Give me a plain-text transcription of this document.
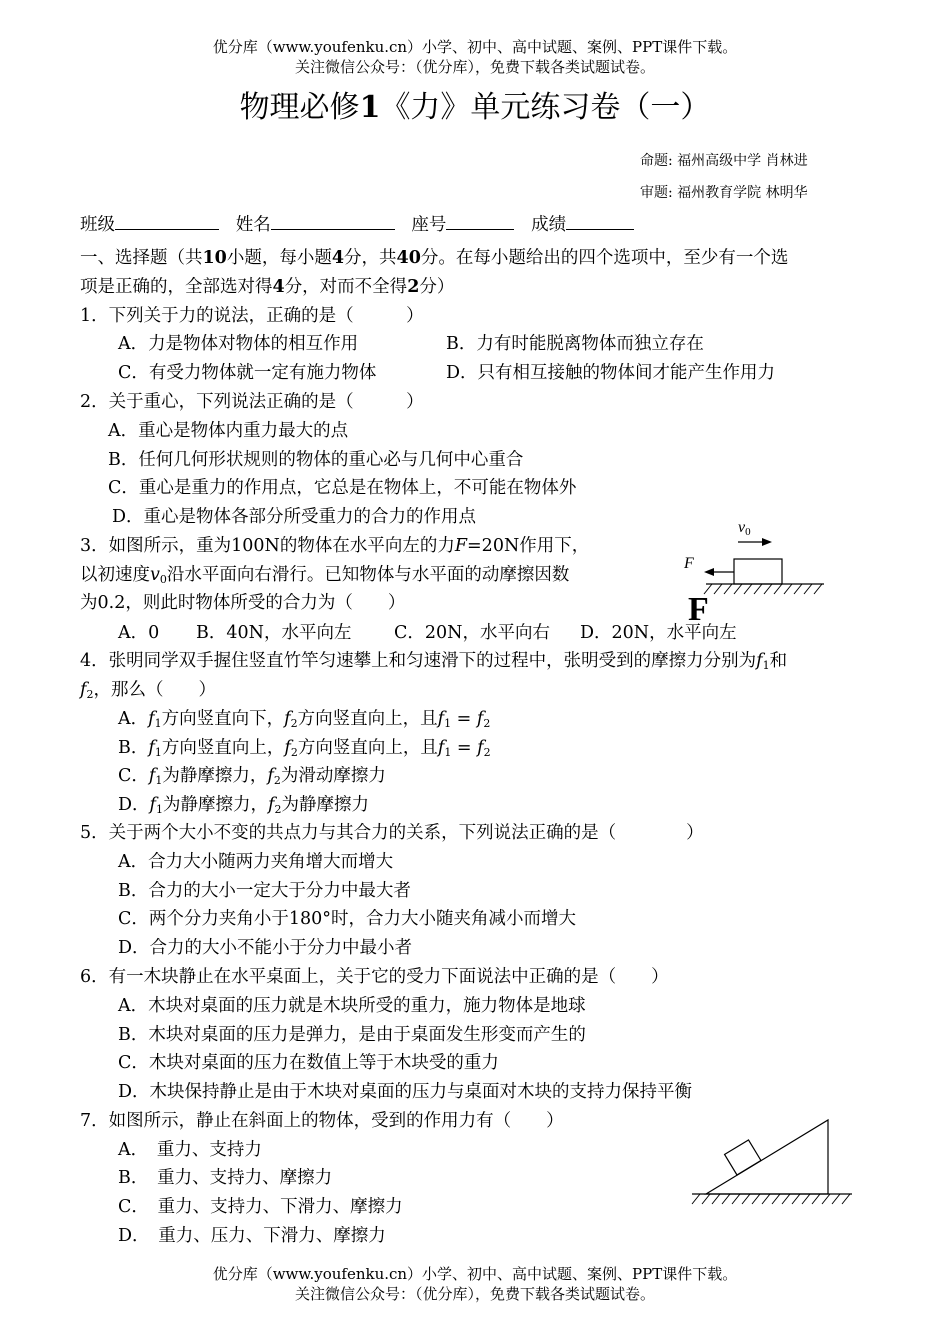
优分库（www.youfenku.cn）小学、初中、高中试题、案例、PPT课件下载。
关注微信公众号：（优分库），免费下载各类试题试卷。
物理必修1《力》单元练习卷（一）
命题: 福州高级中学 肖林进
审题: 福州教育学院 林明华
班级	姓名	座号	成绩
一、选择题（共10小题，每小题4分，共40分。在每小题给出的四个选项中，至少有一个选
项是正确的，全部选对得4分，对而不全得2分）
1．下列关于力的说法，正确的是（　　　）
A．力是物体对物体的相互作用	B．力有时能脱离物体而独立存在
C．有受力物体就一定有施力物体	D．只有相互接触的物体间才能产生作用力
2．关于重心，下列说法正确的是（　　　）
A．重心是物体内重力最大的点
B．任何几何形状规则的物体的重心必与几何中心重合
C．重心是重力的作用点，它总是在物体上，不可能在物体外
D．重心是物体各部分所受重力的合力的作用点
3．如图所示，重为100N的物体在水平向左的力F=20N作用下，
以初速度$v_0$沿水平面向右滑行。已知物体与水平面的动摩擦因数
为0.2，则此时物体所受的合力为（　　）
A．0 B．40N，水平向左 C．20N，水平向右 D．20N，水平向左
v0
F
F
4．张明同学双手握住竖直竹竿匀速攀上和匀速滑下的过程中，张明受到的摩擦力分别为$f_1$和
$f_2$，那么（　　）
A．$f_1$方向竖直向下，$f_2$方向竖直向上，且$f_1 = f_2$
B．$f_1$方向竖直向上，$f_2$方向竖直向上，且$f_1 = f_2$
C．$f_1$为静摩擦力，$f_2$为滑动摩擦力
D．$f_1$为静摩擦力，$f_2$为静摩擦力
5．关于两个大小不变的共点力与其合力的关系，下列说法正确的是（　　　　）
A．合力大小随两力夹角增大而增大
B．合力的大小一定大于分力中最大者
C．两个分力夹角小于180°时，合力大小随夹角减小而增大
D．合力的大小不能小于分力中最小者
6．有一木块静止在水平桌面上，关于它的受力下面说法中正确的是（　　）
A．木块对桌面的压力就是木块所受的重力，施力物体是地球
B．木块对桌面的压力是弹力，是由于桌面发生形变而产生的
C．木块对桌面的压力在数值上等于木块受的重力
D．木块保持静止是由于木块对桌面的压力与桌面对木块的支持力保持平衡
7．如图所示，静止在斜面上的物体，受到的作用力有（　　）
A．　重力、支持力
B．　重力、支持力、摩擦力
C．　重力、支持力、下滑力、摩擦力
D．　重力、压力、下滑力、摩擦力
优分库（www.youfenku.cn）小学、初中、高中试题、案例、PPT课件下载。
关注微信公众号：（优分库），免费下载各类试题试卷。
